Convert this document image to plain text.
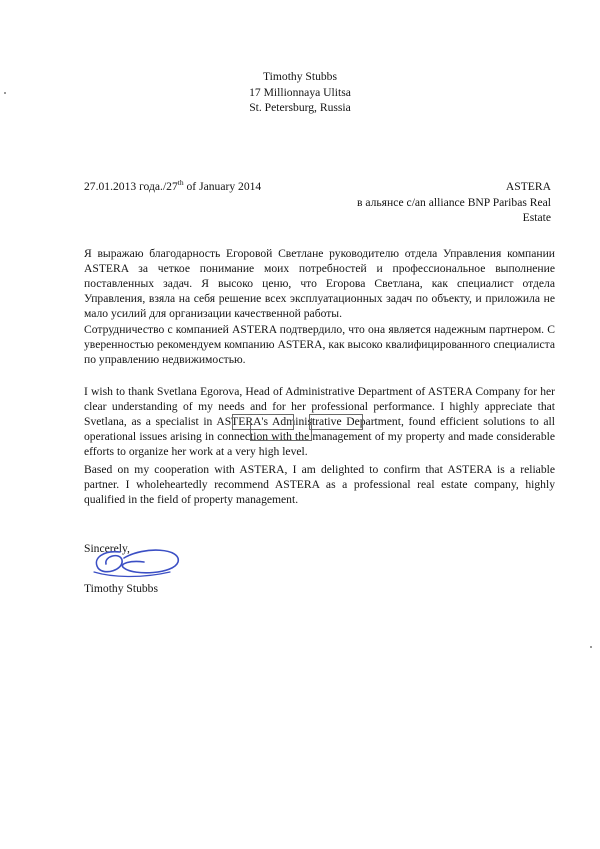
Timothy Stubbs
17 Millionnaya Ulitsa
St. Petersburg, Russia
27.01.2013 года./27th of January 2014	ASTERA
в альянсе c/an alliance BNP Paribas Real
Estate

Я выражаю благодарность Егоровой Светлане руководителю отдела Управления компании ASTERA за четкое понимание моих потребностей и профессиональное выполнение поставленных задач. Я высоко ценю, что Егорова Светлана, как специалист отдела Управления, взяла на себя решение всех эксплуатационных задач по объекту, и приложила не мало усилий для организации качественной работы.

Сотрудничество с компанией ASTERA подтвердило, что она является надежным партнером. С уверенностью рекомендуем компанию ASTERA, как высоко квалифицированного специалиста по управлению недвижимостью.

I wish to thank Svetlana Egorova, Head of Administrative Department of ASTERA Company for her clear understanding of my needs and for her professional performance. I highly appreciate that Svetlana, as a specialist in ASTERA's Administrative Department, found efficient solutions to all operational issues arising in connection with the management of my property and made considerable efforts to organize her work at a very high level.

Based on my cooperation with ASTERA, I am delighted to confirm that ASTERA is a reliable partner. I wholeheartedly recommend ASTERA as a professional real estate company, highly qualified in the field of property management.

Sincerely,
Timothy Stubbs
